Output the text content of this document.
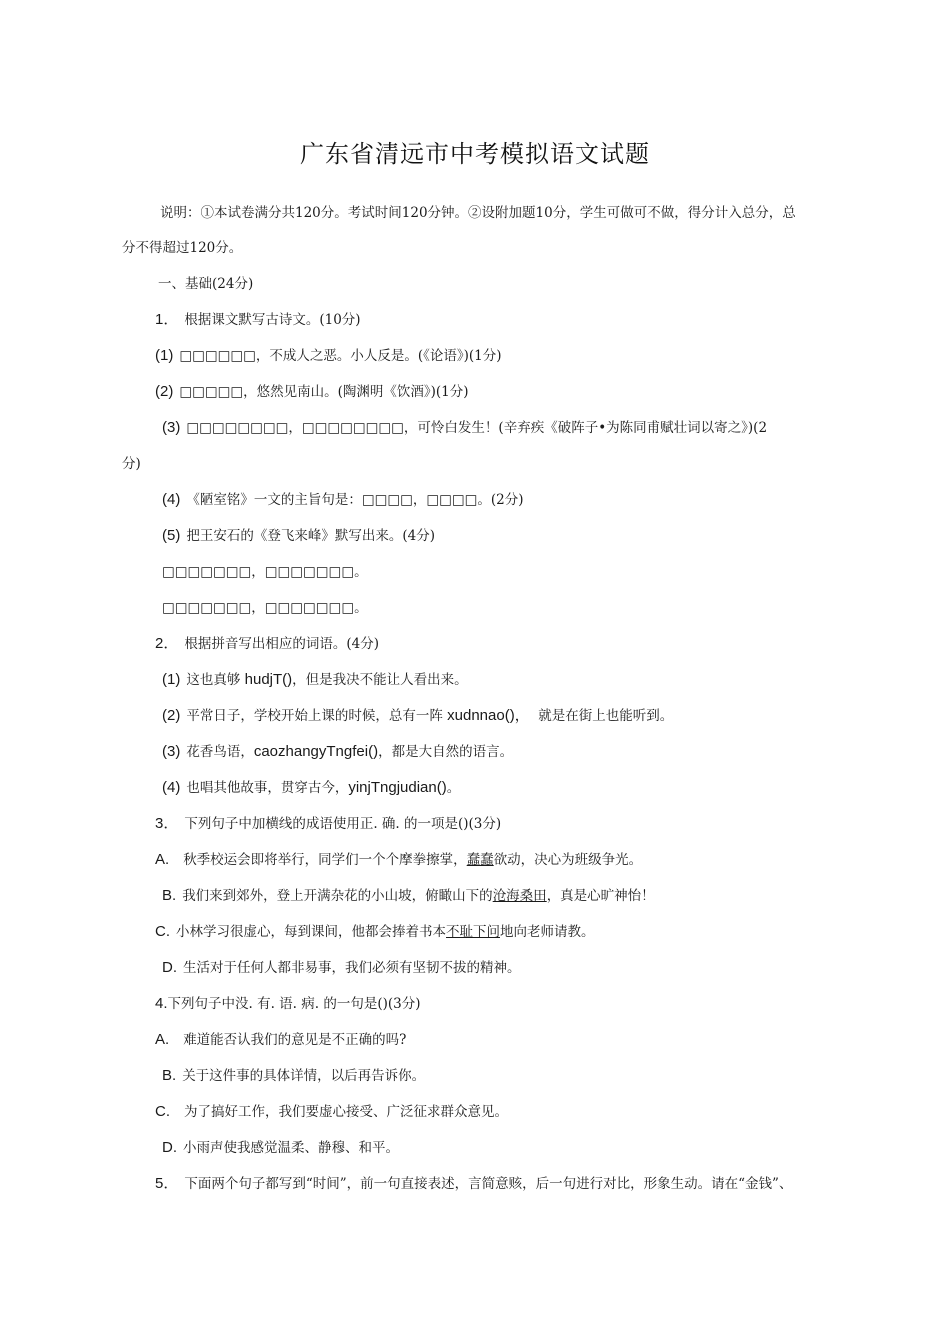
广东省清远市中考模拟语文试题
说明：①本试卷满分共120分。考试时间120分钟。②设附加题10分，学生可做可不做，得分计入总分，总
分不得超过120分。
一、基础(24分)
1． 根据课文默写古诗文。(10分)
(1) □□□□□□，不成人之恶。小人反是。(《论语》)(1分)
(2) □□□□□，悠然见南山。(陶渊明《饮酒》)(1分)
(3) □□□□□□□□，□□□□□□□□，可怜白发生！(辛弃疾《破阵子•为陈同甫赋壮词以寄之》)(2
分)
(4) 《陋室铭》一文的主旨句是：□□□□，□□□□。(2分)
(5) 把王安石的《登飞来峰》默写出来。(4分)
□□□□□□□，□□□□□□□。
□□□□□□□，□□□□□□□。
2． 根据拼音写出相应的词语。(4分)
(1) 这也真够 hudjT()，但是我决不能让人看出来。
(2) 平常日子，学校开始上课的时候，总有一阵 xudnnao()， 就是在街上也能听到。
(3) 花香鸟语，caozhangyTngfei()，都是大自然的语言。
(4) 也唱其他故事，贯穿古今，yinjTngjudian()。
3． 下列句子中加横线的成语使用正. 确. 的一项是()(3分)
A. 秋季校运会即将举行，同学们一个个摩拳擦掌，蠢蠢欲动，决心为班级争光。
B. 我们来到郊外，登上开满杂花的小山坡，俯瞰山下的沧海桑田，真是心旷神怡！
C. 小林学习很虚心，每到课间，他都会捧着书本不耻下问地向老师请教。
D. 生活对于任何人都非易事，我们必须有坚韧不拔的精神。
4.下列句子中没. 有. 语. 病. 的一句是()(3分)
A. 难道能否认我们的意见是不正确的吗?
B. 关于这件事的具体详情，以后再告诉你。
C. 为了搞好工作，我们要虚心接受、广泛征求群众意见。
D. 小雨声使我感觉温柔、静穆、和平。
5． 下面两个句子都写到“时间”，前一句直接表述，言简意赅，后一句进行对比，形象生动。请在“金钱”、
